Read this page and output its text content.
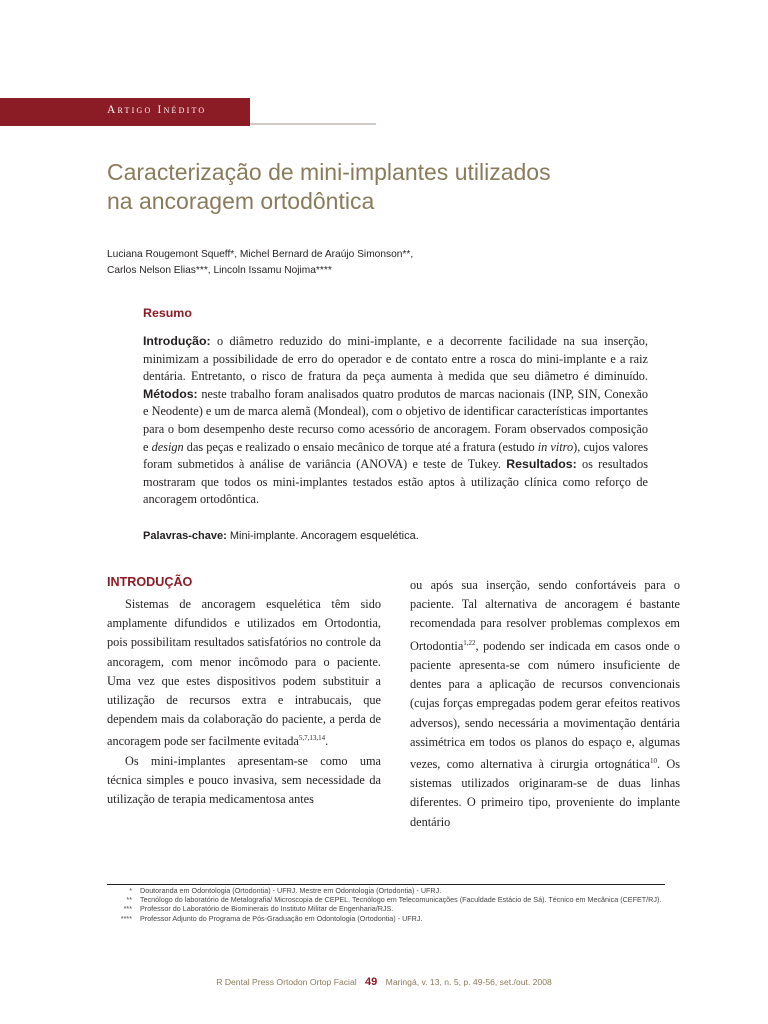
Artigo Inédito
Caracterização de mini-implantes utilizados
na ancoragem ortodôntica
Luciana Rougemont Squeff*, Michel Bernard de Araújo Simonson**,
Carlos Nelson Elias***, Lincoln Issamu Nojima****
Resumo
Introdução: o diâmetro reduzido do mini-implante, e a decorrente facilidade na sua inserção, minimizam a possibilidade de erro do operador e de contato entre a rosca do mini-implante e a raiz dentária. Entretanto, o risco de fratura da peça aumenta à medida que seu diâmetro é diminuído. Métodos: neste trabalho foram analisados quatro produtos de marcas nacionais (INP, SIN, Conexão e Neodente) e um de marca alemã (Mondeal), com o objetivo de identificar características importantes para o bom desempenho deste recurso como acessório de ancoragem. Foram observados composição e design das peças e realizado o ensaio mecânico de torque até a fratura (estudo in vitro), cujos valores foram submetidos à análise de variância (ANOVA) e teste de Tukey. Resultados: os resultados mostraram que todos os mini-implantes testados estão aptos à utilização clínica como reforço de ancoragem ortodôntica.
Palavras-chave: Mini-implante. Ancoragem esquelética.
INTRODUÇÃO

Sistemas de ancoragem esquelética têm sido amplamente difundidos e utilizados em Ortodontia, pois possibilitam resultados satisfatórios no controle da ancoragem, com menor incômodo para o paciente. Uma vez que estes dispositivos podem substituir a utilização de recursos extra e intrabucais, que dependem mais da colaboração do paciente, a perda de ancoragem pode ser facilmente evitada$^{5,7,13,14}$.

Os mini-implantes apresentam-se como uma técnica simples e pouco invasiva, sem necessidade da utilização de terapia medicamentosa antes

ou após sua inserção, sendo confortáveis para o paciente. Tal alternativa de ancoragem é bastante recomendada para resolver problemas complexos em Ortodontia$^{1,22}$, podendo ser indicada em casos onde o paciente apresenta-se com número insuficiente de dentes para a aplicação de recursos convencionais (cujas forças empregadas podem gerar efeitos reativos adversos), sendo necessária a movimentação dentária assimétrica em todos os planos do espaço e, algumas vezes, como alternativa à cirurgia ortognática$^{10}$. Os sistemas utilizados originaram-se de duas linhas diferentes. O primeiro tipo, proveniente do implante dentário

*	Doutoranda em Odontologia (Ortodontia) - UFRJ. Mestre em Odontologia (Ortodontia) - UFRJ.
**	Tecnólogo do laboratório de Metalografia/ Microscopia de CEPEL. Tecnólogo em Telecomunicações (Faculdade Estácio de Sá). Técnico em Mecânica (CEFET/RJ).
***	Professor do Laboratório de Biominerais do Instituto Militar de Engenharia/RJS.
****	Professor Adjunto do Programa de Pós-Graduação em Odontologia (Ortodontia) - UFRJ.
R Dental Press Ortodon Ortop Facial 49 Maringá, v. 13, n. 5, p. 49-56, set./out. 2008
